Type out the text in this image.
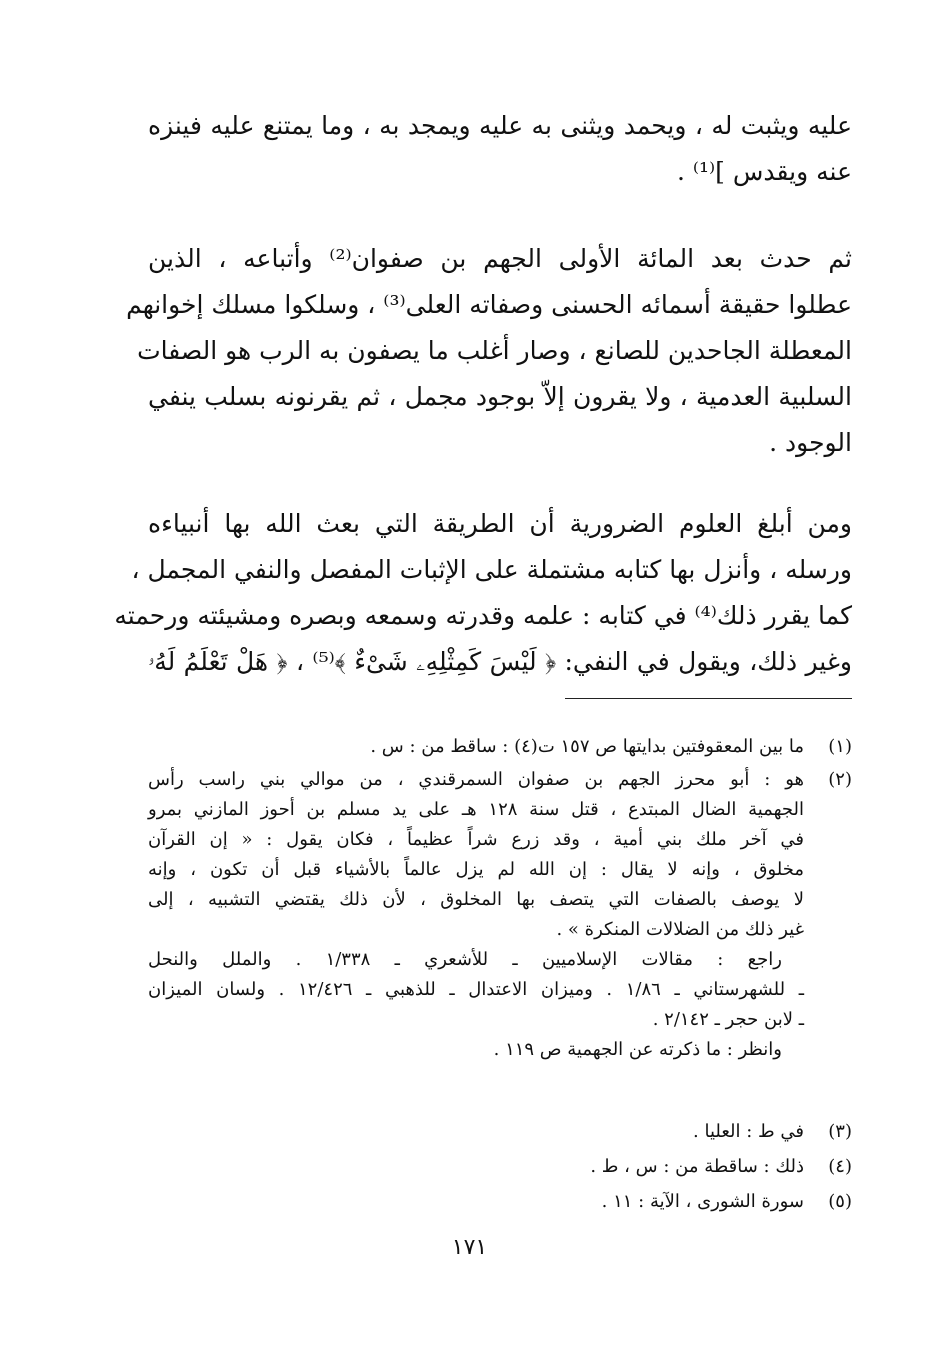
عليه ويثبت له ، ويحمد ويثنى به عليه ويمجد به ، وما يمتنع عليه فينزه
عنه ويقدس ]⁽¹⁾ .
ثم حدث بعد المائة الأولى الجهم بن صفوان⁽²⁾ وأتباعه ، الذين
عطلوا حقيقة أسمائه الحسنى وصفاته العلى⁽³⁾ ، وسلكوا مسلك إخوانهم
المعطلة الجاحدين للصانع ، وصار أغلب ما يصفون به الرب هو الصفات
السلبية العدمية ، ولا يقرون إلاّ بوجود مجمل ، ثم يقرنونه بسلب ينفي
الوجود .
ومن أبلغ العلوم الضرورية أن الطريقة التي بعث الله بها أنبياءه
ورسله ، وأنزل بها كتابه مشتملة على الإثبات المفصل والنفي المجمل ،
كما يقرر ذلك⁽⁴⁾ في كتابه : علمه وقدرته وسمعه وبصره ومشيئته ورحمته
وغير ذلك، ويقول في النفي: ﴿ لَيْسَ كَمِثْلِهِۦ شَىْءٌ ﴾⁽⁵⁾ ، ﴿ هَلْ تَعْلَمُ لَهُۥ
(١)
ما بين المعقوفتين بدايتها ص ١٥٧ ت(٤) : ساقط من : س .
(٢)
هو : أبو محرز الجهم بن صفوان السمرقندي ، من موالي بني راسب رأس
الجهمية الضال المبتدع ، قتل سنة ١٢٨ هـ على يد مسلم بن أحوز المازني بمرو
في آخر ملك بني أمية ، وقد زرع شراً عظيماً ، فكان يقول : « إن القرآن
مخلوق ، وإنه لا يقال : إن الله لم يزل عالماً بالأشياء قبل أن تكون ، وإنه
لا يوصف بالصفات التي يتصف بها المخلوق ، لأن ذلك يقتضي التشبيه ، إلى
غير ذلك من الضلالات المنكرة » .
راجع : مقالات الإسلاميين ـ للأشعري ـ ١/٣٣٨ . والملل والنحل
ـ للشهرستاني ـ ١/٨٦ . وميزان الاعتدال ـ للذهبي ـ ١٢/٤٢٦ . ولسان الميزان
ـ لابن حجر ـ ٢/١٤٢ .
وانظر : ما ذكرته عن الجهمية ص ١١٩ .
(٣)
في ط : العليا .
(٤)
ذلك : ساقطة من : س ، ط .
(٥)
سورة الشورى ، الآية : ١١ .
١٧١
